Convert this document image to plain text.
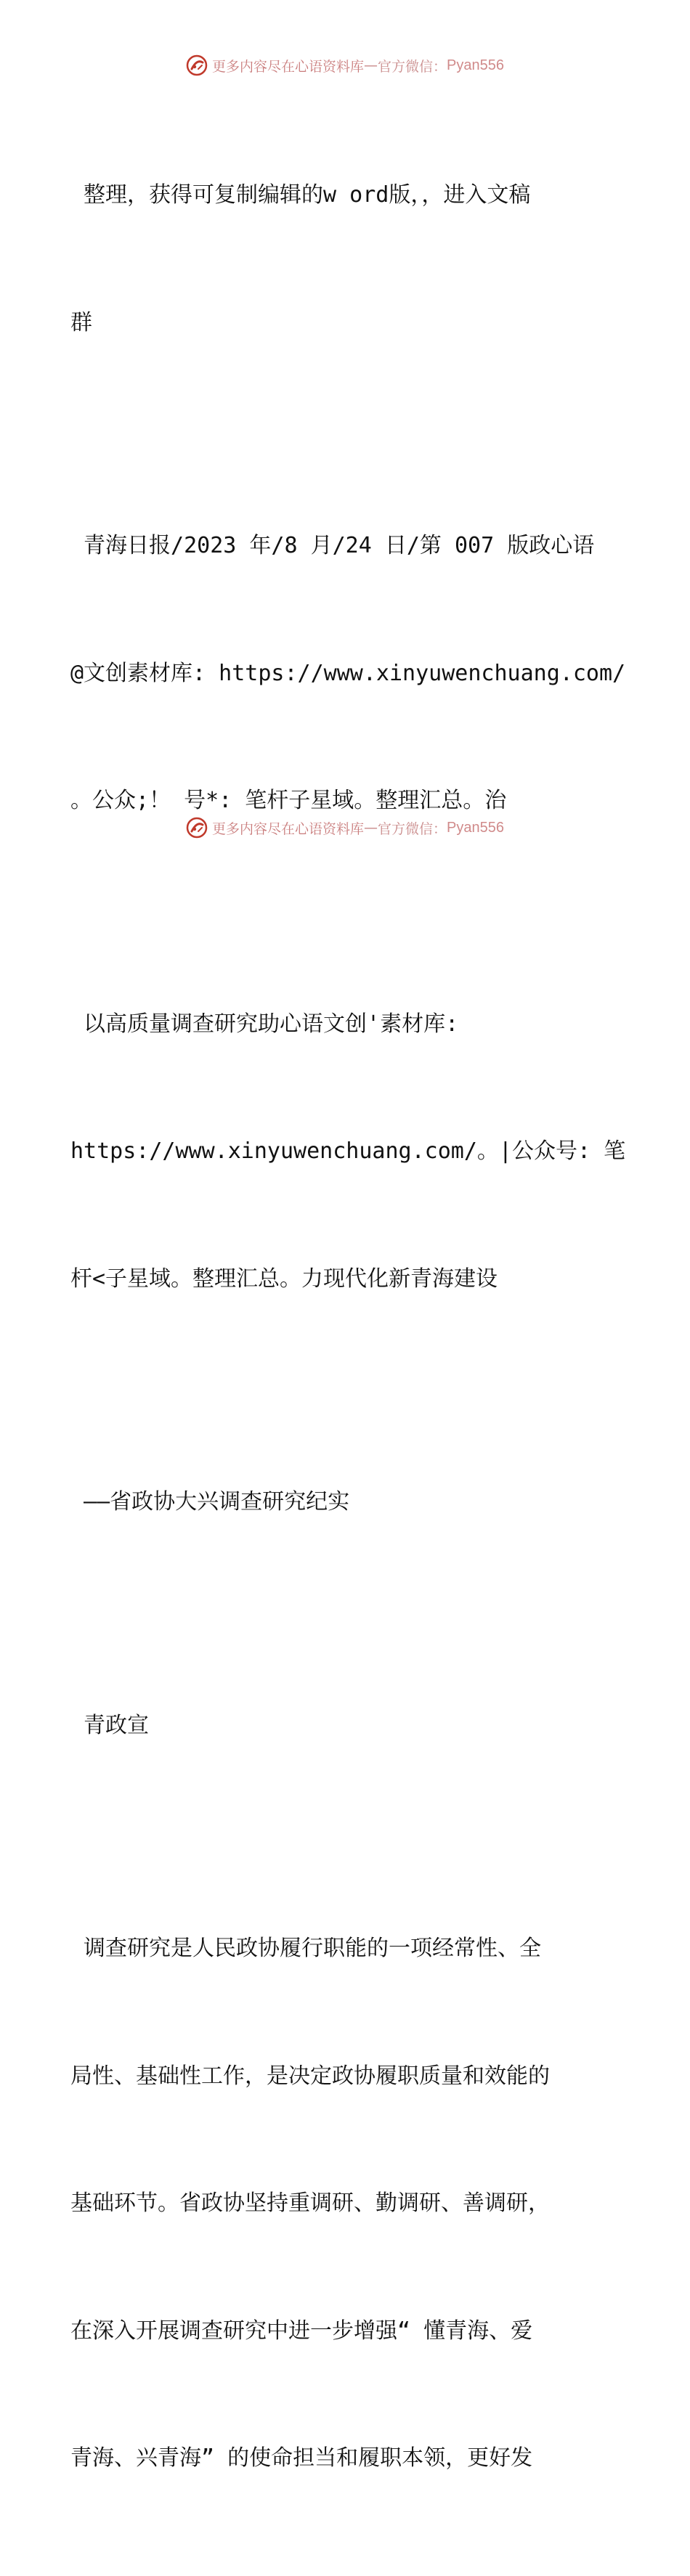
更多内容尽在心语资料库 — 官方微信： Pyan556

整理，获得可复制编辑的w ord版，，进入文稿

群

青海日报/2023 年/8 月/24 日/第 007 版政心语

@文创素材库: https://www.xinyuwenchuang.com/

。公众;！ 号*: 笔杆子星域。整理汇总。治

以高质量调查研究助心语文创'素材库:

https://www.xinyuwenchuang.com/。|公众号: 笔

杆<子星域。整理汇总。力现代化新青海建设

——省政协大兴调查研究纪实

青政宣

调查研究是人民政协履行职能的一项经常性、全

局性、基础性工作，是决定政协履职质量和效能的

基础环节。省政协坚持重调研、勤调研、善调研，

在深入开展调查研究中进一步增强“ 懂青海、爱

青海、兴青海” 的使命担当和履职本领，更好发

更多内容尽在心语资料库 — 官方微信： Pyan556
